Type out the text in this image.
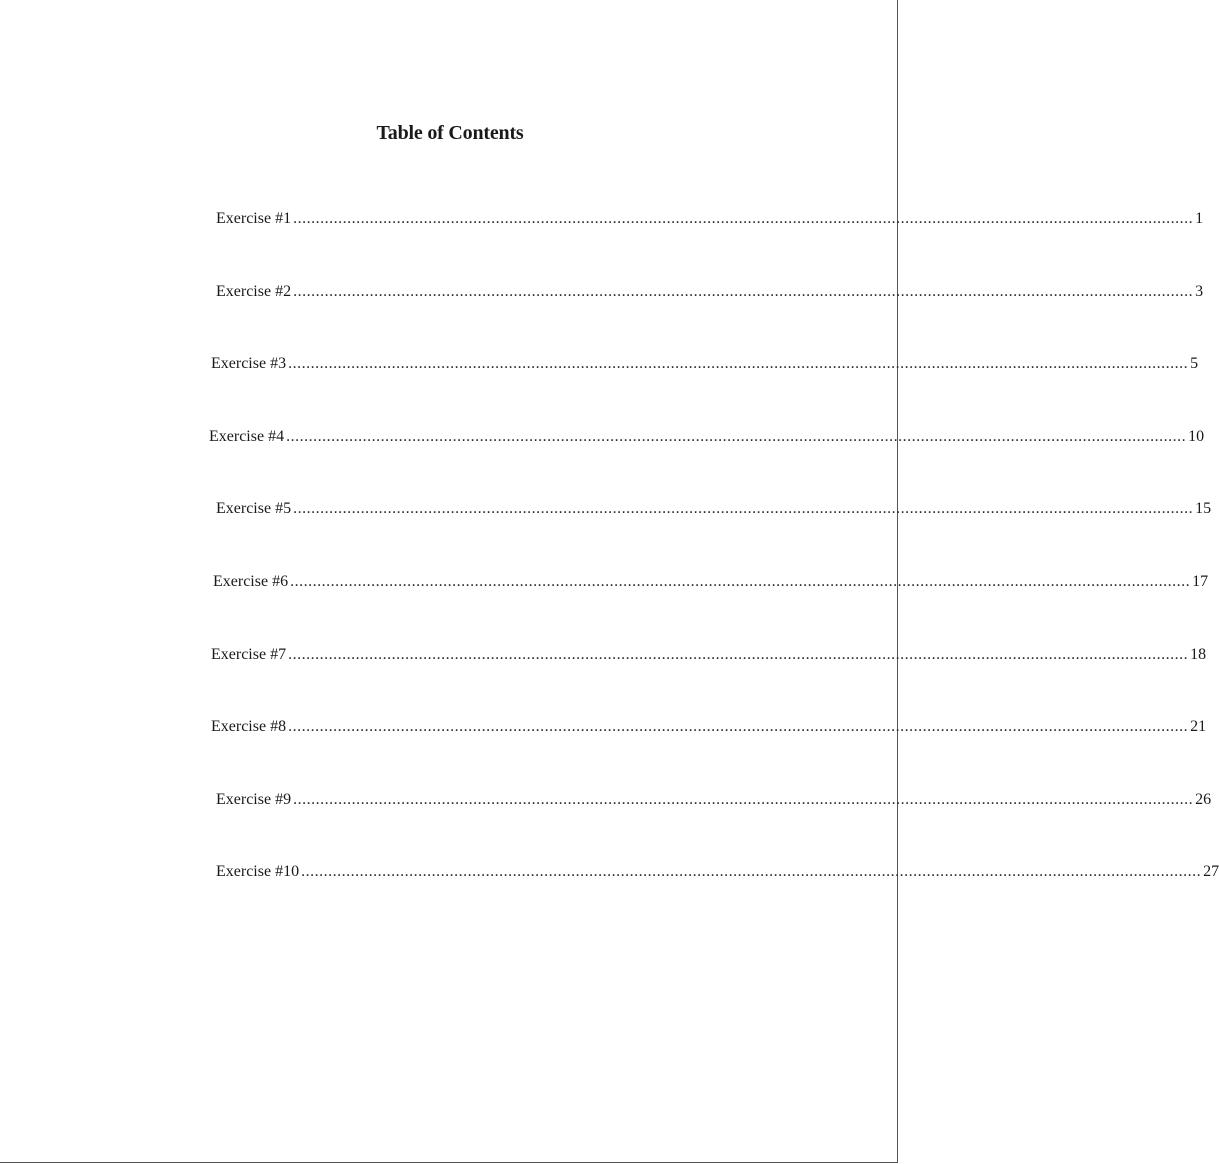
Table of Contents
Exercise #1 ........................................................................................................................................................................................................ 1
Exercise #2 ........................................................................................................................................................................................................ 3
Exercise #3 ........................................................................................................................................................................................................ 5
Exercise #4 ........................................................................................................................................................................................................ 10
Exercise #5 ........................................................................................................................................................................................................ 15
Exercise #6 ........................................................................................................................................................................................................ 17
Exercise #7 ........................................................................................................................................................................................................ 18
Exercise #8 ........................................................................................................................................................................................................ 21
Exercise #9 ........................................................................................................................................................................................................ 26
Exercise #10 ........................................................................................................................................................................................................ 27
